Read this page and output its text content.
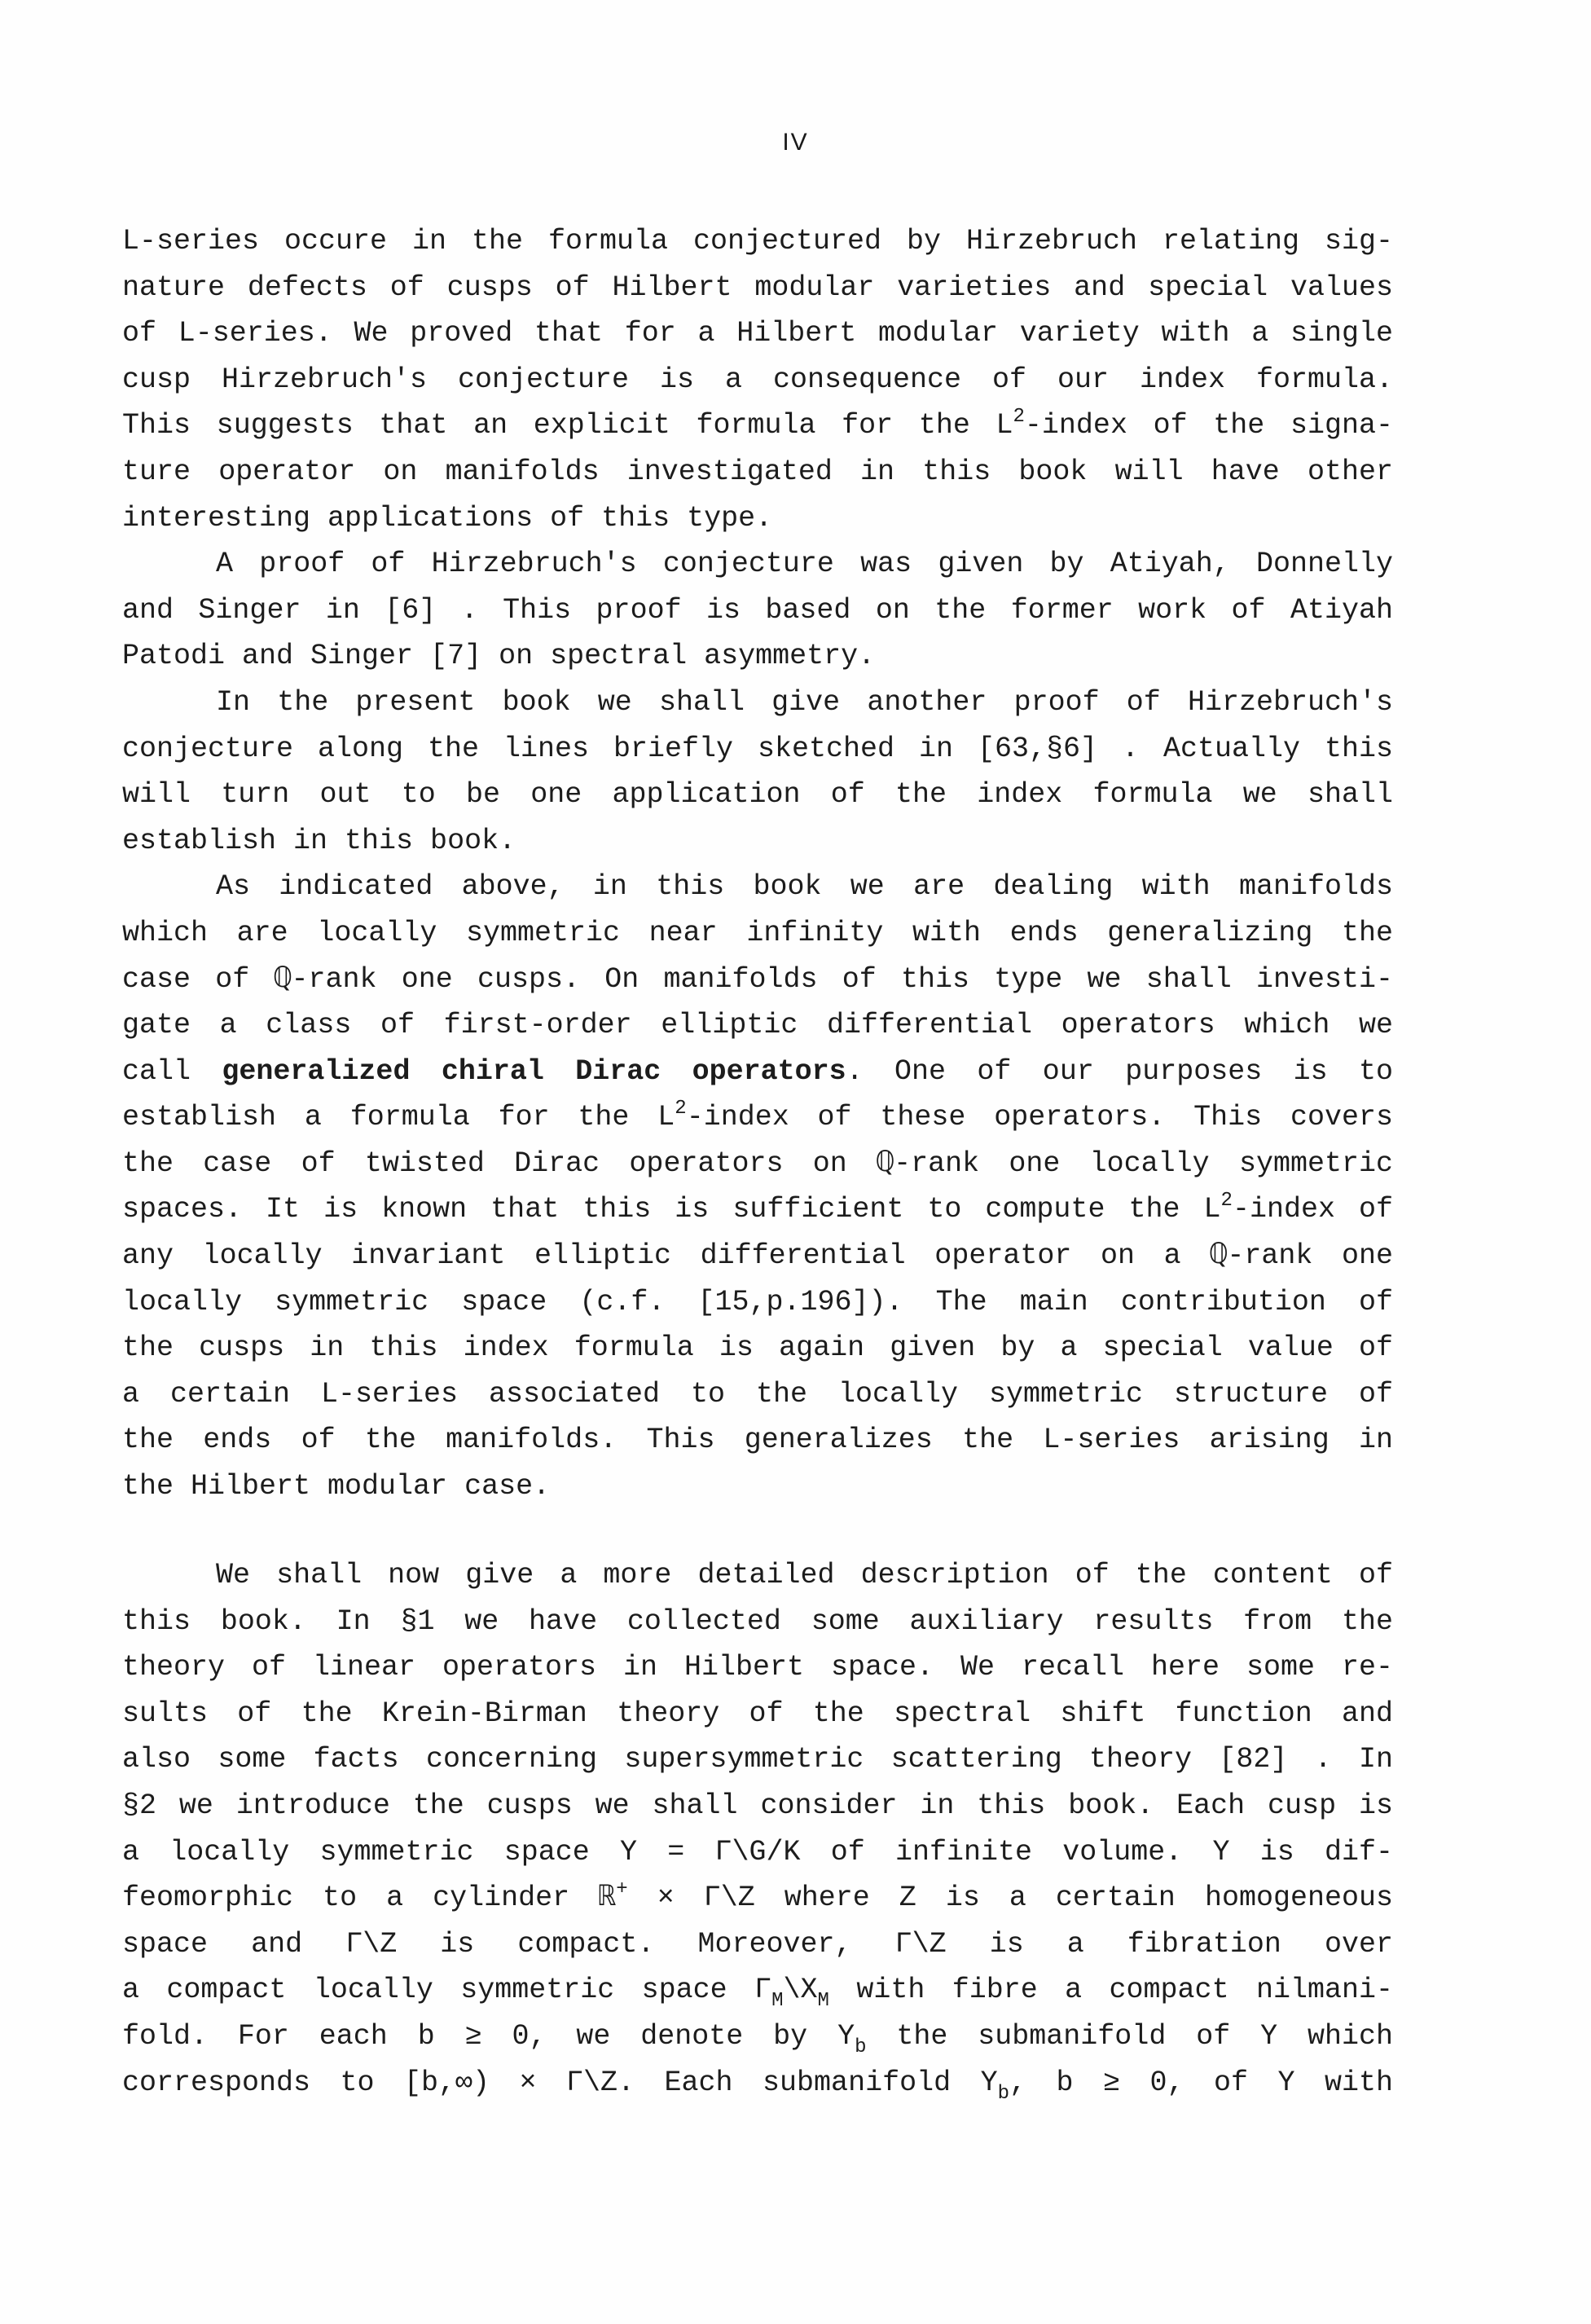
IV
L-series occure in the formula conjectured by Hirzebruch relating sig-
nature defects of cusps of Hilbert modular varieties and special values
of L-series. We proved that for a Hilbert modular variety with a single
cusp Hirzebruch's conjecture is a consequence of our index formula.
This suggests that an explicit formula for the $L^2$-index of the signa-
ture operator on manifolds investigated in this book will have other
interesting applications of this type.
A proof of Hirzebruch's conjecture was given by Atiyah, Donnelly
and Singer in [6] . This proof is based on the former work of Atiyah
Patodi and Singer [7] on spectral asymmetry.
In the present book we shall give another proof of Hirzebruch's
conjecture along the lines briefly sketched in [63,§6] . Actually this
will turn out to be one application of the index formula we shall
establish in this book.
As indicated above, in this book we are dealing with manifolds
which are locally symmetric near infinity with ends generalizing the
case of ℚ-rank one cusps. On manifolds of this type we shall investi-
gate a class of first-order elliptic differential operators which we
call generalized chiral Dirac operators. One of our purposes is to
establish a formula for the $L^2$-index of these operators. This covers
the case of twisted Dirac operators on ℚ-rank one locally symmetric
spaces. It is known that this is sufficient to compute the $L^2$-index of
any locally invariant elliptic differential operator on a ℚ-rank one
locally symmetric space (c.f. [15,p.196]). The main contribution of
the cusps in this index formula is again given by a special value of
a certain L-series associated to the locally symmetric structure of
the ends of the manifolds. This generalizes the L-series arising in
the Hilbert modular case.
We shall now give a more detailed description of the content of
this book. In §1 we have collected some auxiliary results from the
theory of linear operators in Hilbert space. We recall here some re-
sults of the Krein-Birman theory of the spectral shift function and
also some facts concerning supersymmetric scattering theory [82] . In
§2 we introduce the cusps we shall consider in this book. Each cusp is
a locally symmetric space Y = Γ\G/K of infinite volume. Y is dif-
feomorphic to a cylinder ℝ+ × Γ\Z where Z is a certain homogeneous
space and Γ\Z is compact. Moreover, Γ\Z is a fibration over
a compact locally symmetric space $\Gamma_M\backslash X_M$ with fibre a compact nilmani-
fold. For each b ≥ 0, we denote by $Y_b$ the submanifold of Y which
corresponds to [b,∞) × Γ\Z. Each submanifold $Y_b$, b ≥ 0, of Y with
